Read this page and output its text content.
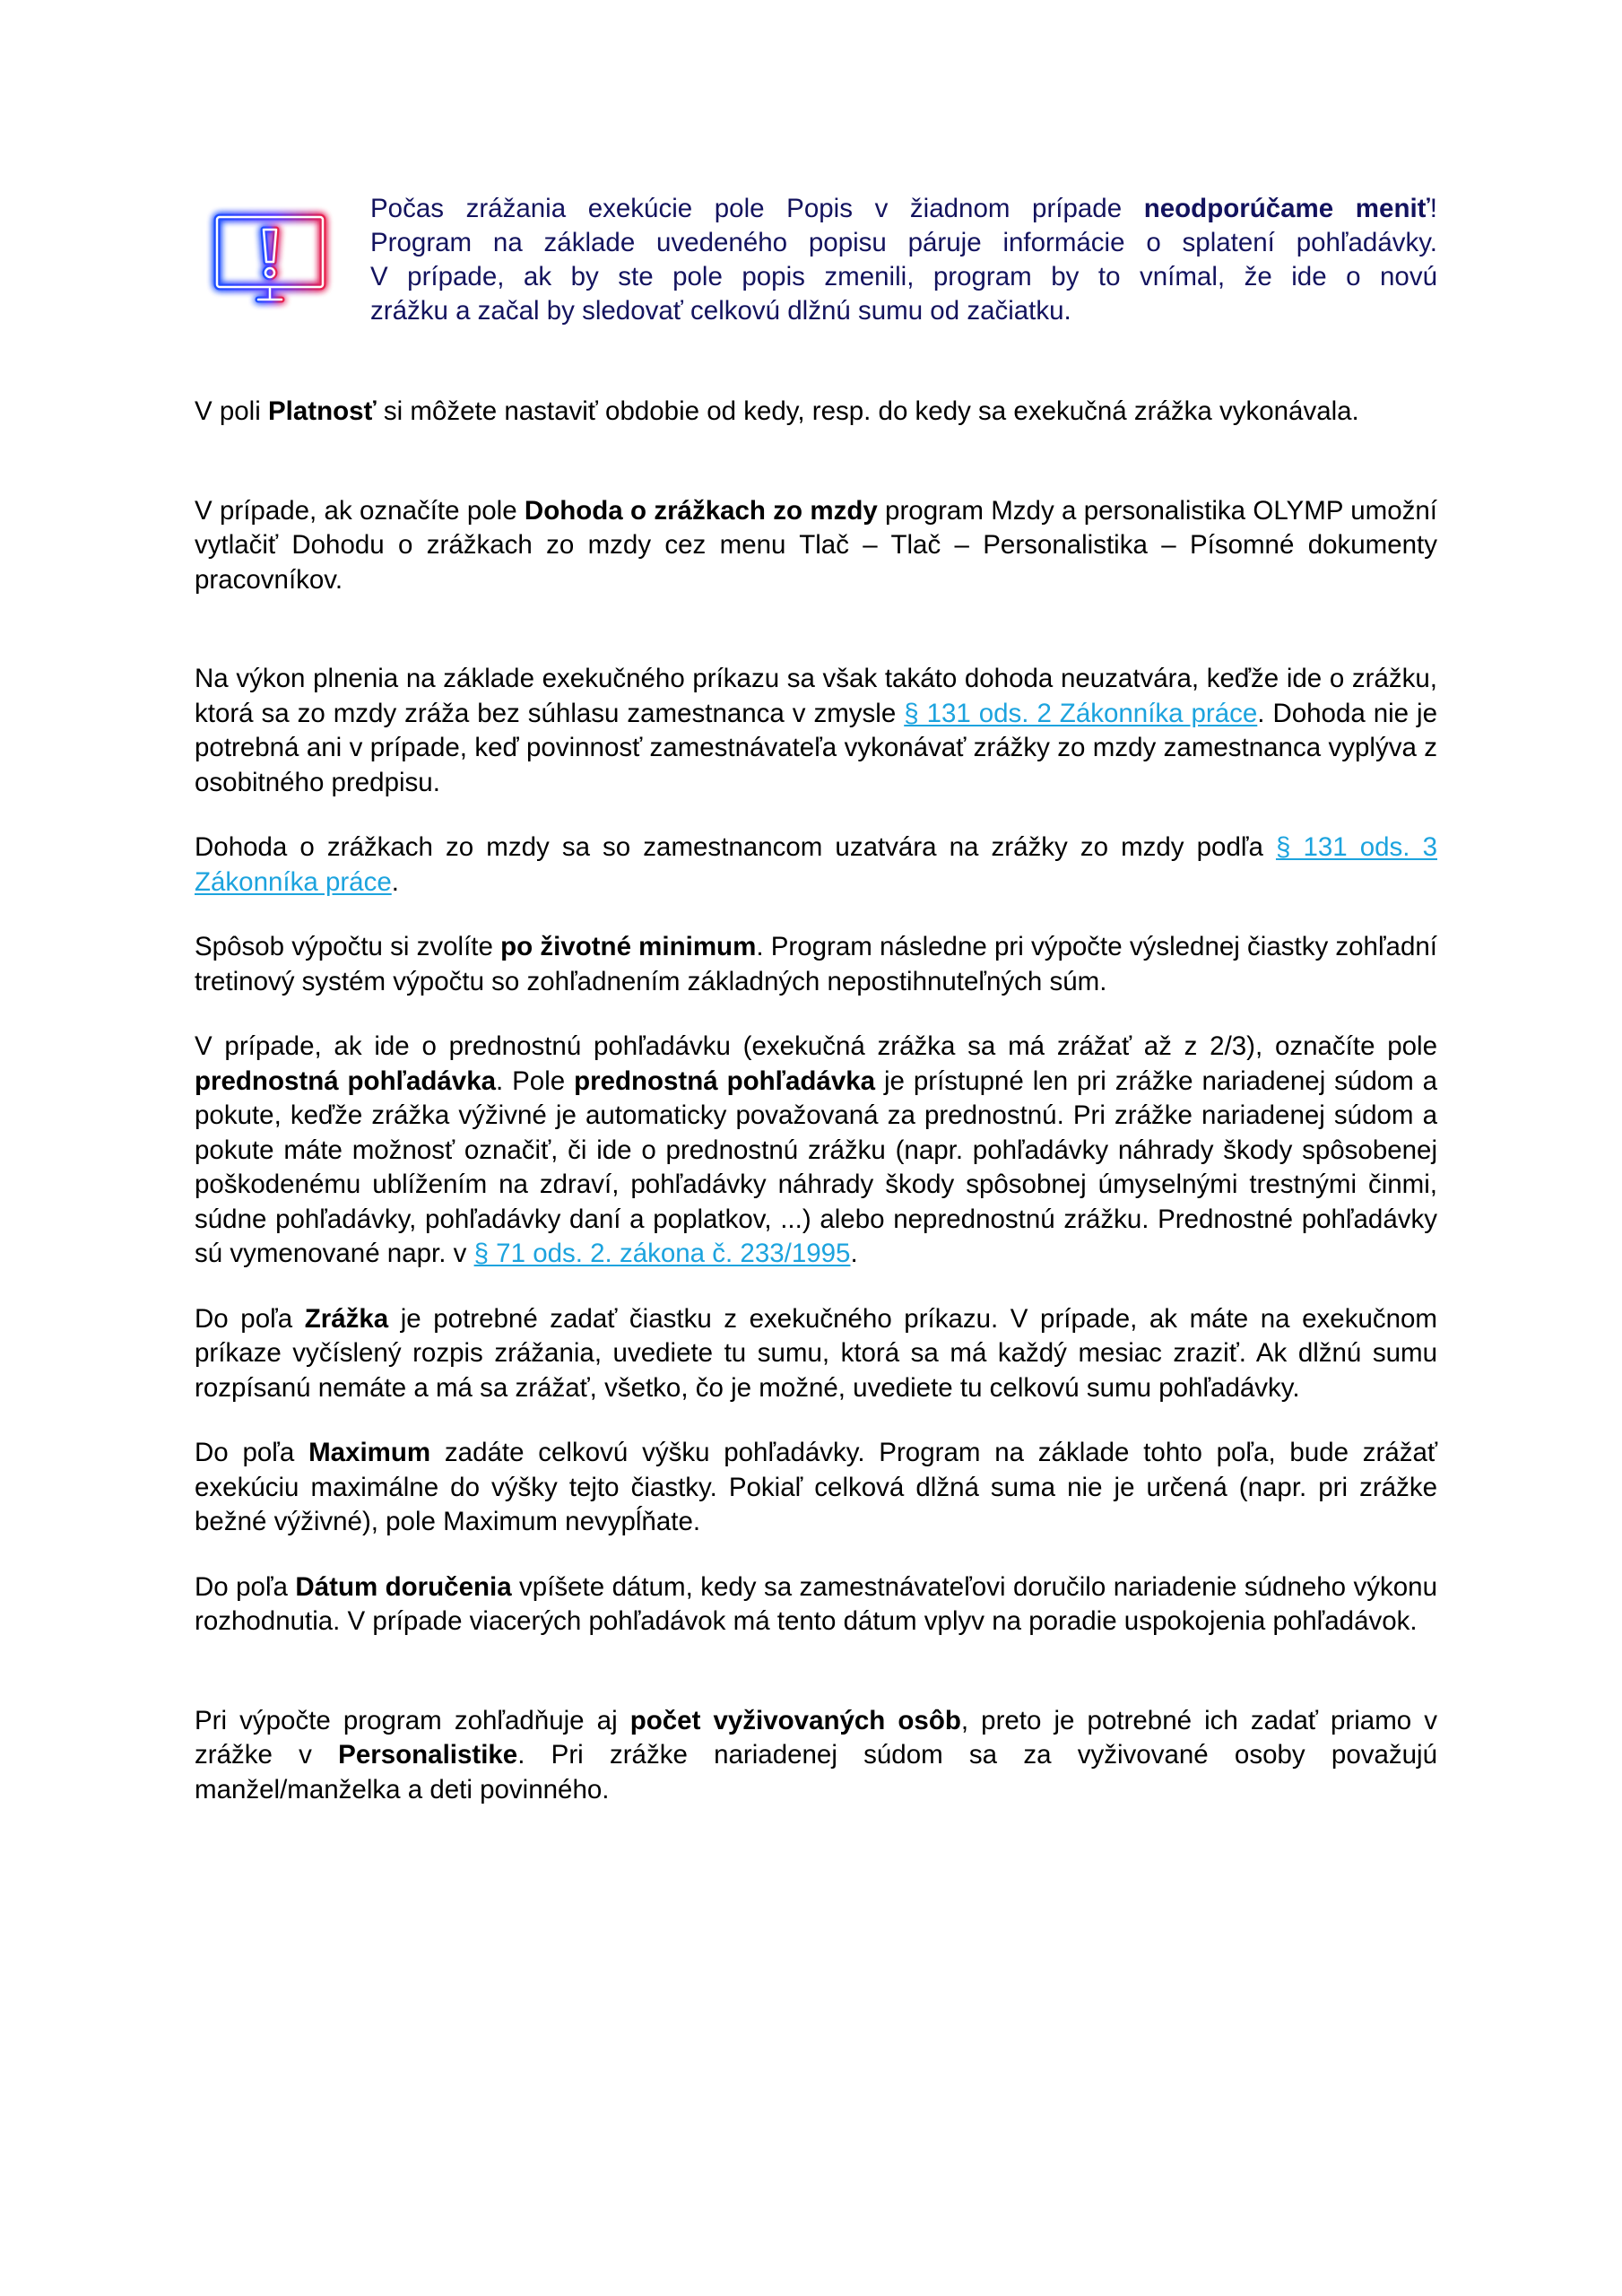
Počas zrážania exekúcie pole Popis v žiadnom prípade neodporúčame meniť!
Program na základe uvedeného popisu páruje informácie o splatení pohľadávky.
V prípade, ak by ste pole popis zmenili, program by to vnímal, že ide o novú
zrážku a začal by sledovať celkovú dlžnú sumu od začiatku.

V poli Platnosť si môžete nastaviť obdobie od kedy, resp. do kedy sa exekučná zrážka vykonávala.

V prípade, ak označíte pole Dohoda o zrážkach zo mzdy program Mzdy a personalistika OLYMP umožní vytlačiť Dohodu o zrážkach zo mzdy cez menu Tlač – Tlač – Personalistika – Písomné dokumenty pracovníkov.

Na výkon plnenia na základe exekučného príkazu sa však takáto dohoda neuzatvára, keďže ide o zrážku, ktorá sa zo mzdy zráža bez súhlasu zamestnanca v zmysle § 131 ods. 2 Zákonníka práce. Dohoda nie je potrebná ani v prípade, keď povinnosť zamestnávateľa vykonávať zrážky zo mzdy zamestnanca vyplýva z osobitného predpisu.

Dohoda o zrážkach zo mzdy sa so zamestnancom uzatvára na zrážky zo mzdy podľa § 131 ods. 3 Zákonníka práce.

Spôsob výpočtu si zvolíte po životné minimum. Program následne pri výpočte výslednej čiastky zohľadní tretinový systém výpočtu so zohľadnením základných nepostihnuteľných súm.

V prípade, ak ide o prednostnú pohľadávku (exekučná zrážka sa má zrážať až z 2/3), označíte pole prednostná pohľadávka. Pole prednostná pohľadávka je prístupné len pri zrážke nariadenej súdom a pokute, keďže zrážka výživné je automaticky považovaná za prednostnú. Pri zrážke nariadenej súdom a pokute máte možnosť označiť, či ide o prednostnú zrážku (napr. pohľadávky náhrady škody spôsobenej poškodenému ublížením na zdraví, pohľadávky náhrady škody spôsobnej úmyselnými trestnými činmi, súdne pohľadávky, pohľadávky daní a poplatkov, ...) alebo neprednostnú zrážku. Prednostné pohľadávky sú vymenované napr. v § 71 ods. 2. zákona č. 233/1995.

Do poľa Zrážka je potrebné zadať čiastku z exekučného príkazu. V prípade, ak máte na exekučnom príkaze vyčíslený rozpis zrážania, uvediete tu sumu, ktorá sa má každý mesiac zraziť. Ak dlžnú sumu rozpísanú nemáte a má sa zrážať, všetko, čo je možné, uvediete tu celkovú sumu pohľadávky.

Do poľa Maximum zadáte celkovú výšku pohľadávky. Program na základe tohto poľa, bude zrážať exekúciu maximálne do výšky tejto čiastky. Pokiaľ celková dlžná suma nie je určená (napr. pri zrážke bežné výživné), pole Maximum nevypĺňate.

Do poľa Dátum doručenia vpíšete dátum, kedy sa zamestnávateľovi doručilo nariadenie súdneho výkonu rozhodnutia. V prípade viacerých pohľadávok má tento dátum vplyv na poradie uspokojenia pohľadávok.

Pri výpočte program zohľadňuje aj počet vyživovaných osôb, preto je potrebné ich zadať priamo v zrážke v Personalistike. Pri zrážke nariadenej súdom sa za vyživované osoby považujú manžel/manželka a deti povinného.
